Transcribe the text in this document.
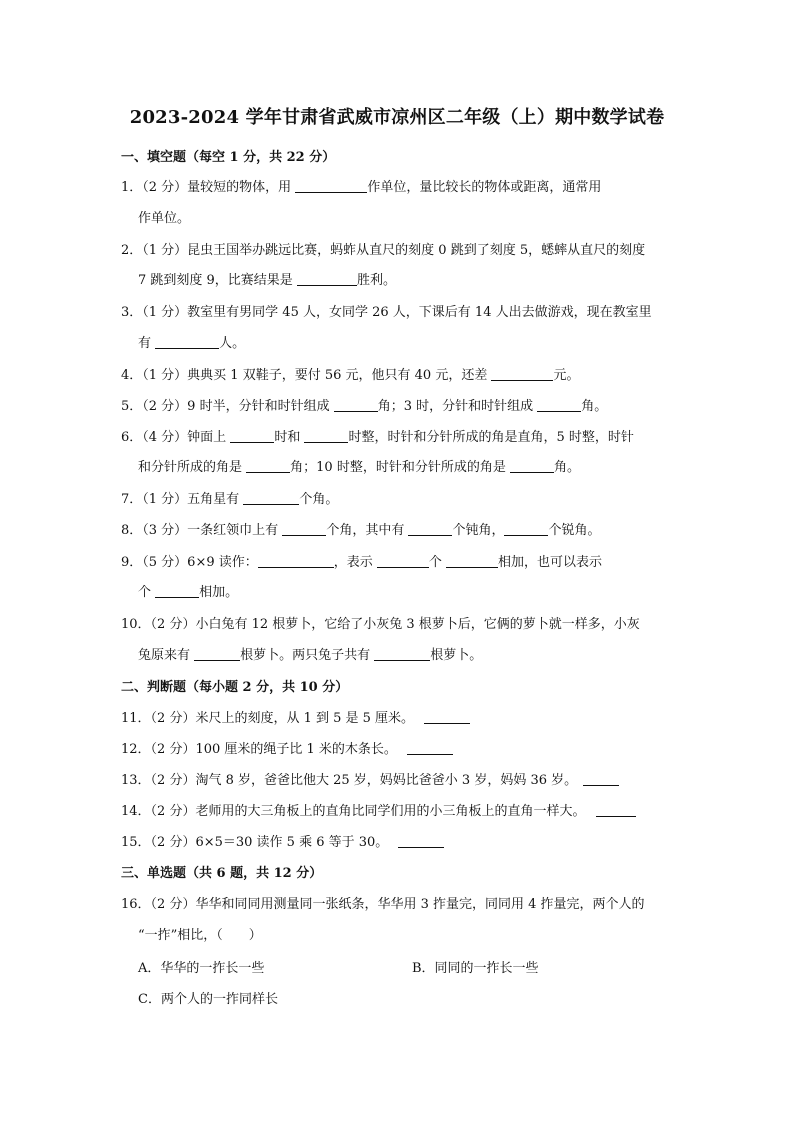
2023-2024 学年甘肃省武威市凉州区二年级（上）期中数学试卷
一、填空题（每空 1 分，共 22 分）
1．（2 分）量较短的物体，用	作单位，量比较长的物体或距离，通常用
作单位。
2．（1 分）昆虫王国举办跳远比赛，蚂蚱从直尺的刻度 0 跳到了刻度 5，蟋蟀从直尺的刻度
7 跳到刻度 9，比赛结果是	胜利。
3．（1 分）教室里有男同学 45 人，女同学 26 人，下课后有 14 人出去做游戏，现在教室里
有	人。
4．（1 分）典典买 1 双鞋子，要付 56 元，他只有 40 元，还差	元。
5．（2 分）9 时半，分针和时针组成	角；3 时，分针和时针组成	角。
6．（4 分）钟面上	时和	时整，时针和分针所成的角是直角，5 时整，时针
和分针所成的角是	角；10 时整，时针和分针所成的角是	角。
7．（1 分）五角星有	个角。
8．（3 分）一条红领巾上有	个角，其中有	个钝角，	个锐角。
9．（5 分）6×9 读作：	，表示	个	相加，也可以表示
个	相加。
10．（2 分）小白兔有 12 根萝卜，它给了小灰兔 3 根萝卜后，它俩的萝卜就一样多，小灰
兔原来有	根萝卜。两只兔子共有	根萝卜。
二、判断题（每小题 2 分，共 10 分）
11．（2 分）米尺上的刻度，从 1 到 5 是 5 厘米。
12．（2 分）100 厘米的绳子比 1 米的木条长。
13．（2 分）淘气 8 岁，爸爸比他大 25 岁，妈妈比爸爸小 3 岁，妈妈 36 岁。
14．（2 分）老师用的大三角板上的直角比同学们用的小三角板上的直角一样大。
15．（2 分）6×5＝30 读作 5 乘 6 等于 30。
三、单选题（共 6 题，共 12 分）
16．（2 分）华华和同同用测量同一张纸条，华华用 3 拃量完，同同用 4 拃量完，两个人的
“一拃”相比，（　　）
A．华华的一拃长一些	B．同同的一拃长一些
C．两个人的一拃同样长
